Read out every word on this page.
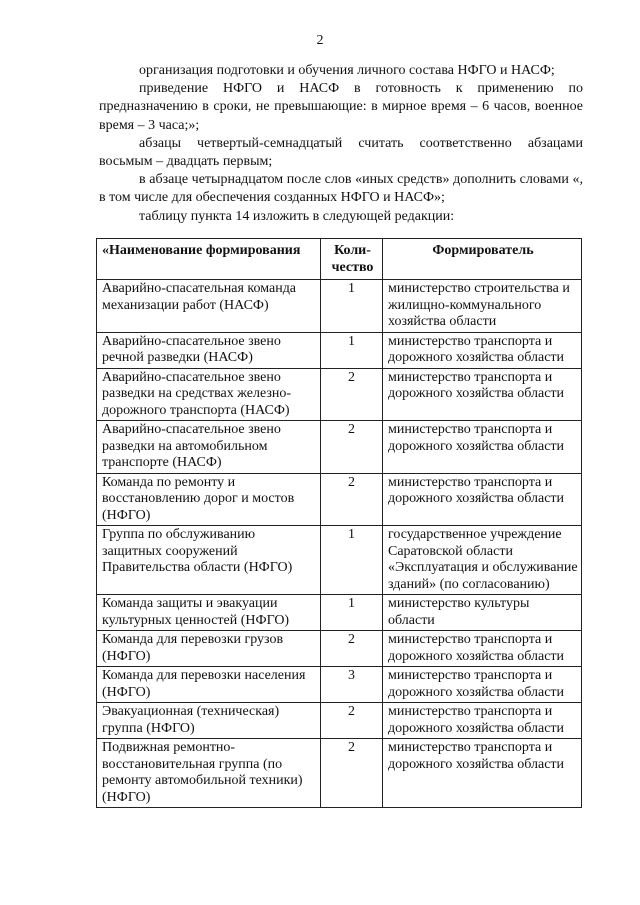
2

организация подготовки и обучения личного состава НФГО и НАСФ;

приведение НФГО и НАСФ в готовность к применению по предназначению в сроки, не превышающие: в мирное время – 6 часов, военное время – 3 часа;»;

абзацы четвертый-семнадцатый считать соответственно абзацами восьмым – двадцать первым;

в абзаце четырнадцатом после слов «иных средств» дополнить словами «, в том числе для обеспечения созданных НФГО и НАСФ»;

таблицу пункта 14 изложить в следующей редакции:

«Наименование формирования	Коли-чество	Формирователь
Аварийно-спасательная команда механизации работ (НАСФ)	1	министерство строительства и жилищно-коммунального хозяйства области
Аварийно-спасательное звено речной разведки (НАСФ)	1	министерство транспорта и дорожного хозяйства области
Аварийно-спасательное звено разведки на средствах железно-дорожного транспорта (НАСФ)	2	министерство транспорта и дорожного хозяйства области
Аварийно-спасательное звено разведки на автомобильном транспорте (НАСФ)	2	министерство транспорта и дорожного хозяйства области
Команда по ремонту и восстановлению дорог и мостов (НФГО)	2	министерство транспорта и дорожного хозяйства области
Группа по обслуживанию защитных сооружений Правительства области (НФГО)	1	государственное учреждение Саратовской области «Эксплуатация и обслуживание зданий» (по согласованию)
Команда защиты и эвакуации культурных ценностей (НФГО)	1	министерство культуры области
Команда для перевозки грузов (НФГО)	2	министерство транспорта и дорожного хозяйства области
Команда для перевозки населения (НФГО)	3	министерство транспорта и дорожного хозяйства области
Эвакуационная (техническая) группа (НФГО)	2	министерство транспорта и дорожного хозяйства области
Подвижная ремонтно-восстановительная группа (по ремонту автомобильной техники) (НФГО)	2	министерство транспорта и дорожного хозяйства области
